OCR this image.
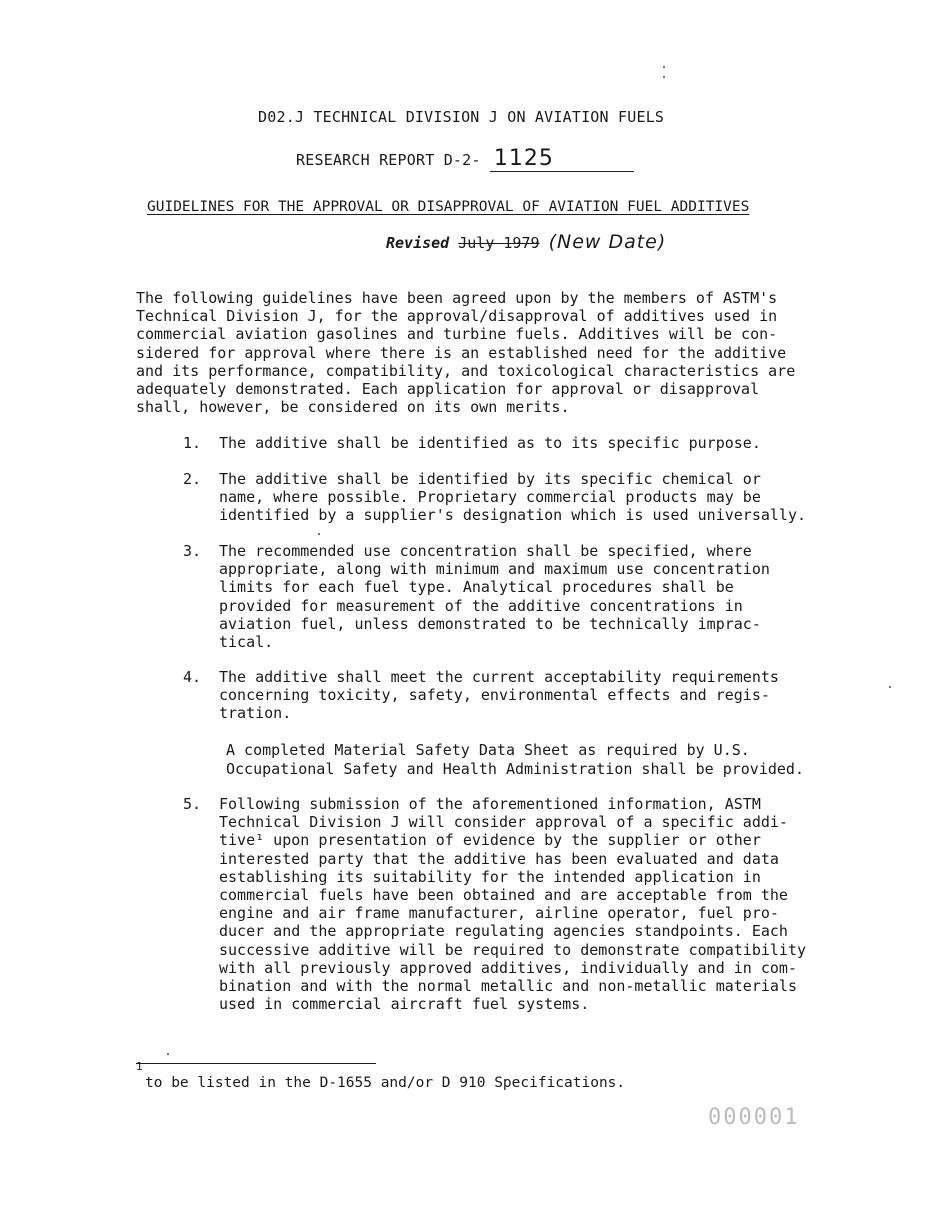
D02.J TECHNICAL DIVISION J ON AVIATION FUELS
RESEARCH REPORT D-2- 1125
GUIDELINES FOR THE APPROVAL OR DISAPPROVAL OF AVIATION FUEL ADDITIVES
Revised July 1979 (New Date)
The following guidelines have been agreed upon by the members of ASTM's
Technical Division J, for the approval/disapproval of additives used in
commercial aviation gasolines and turbine fuels. Additives will be con-
sidered for approval where there is an established need for the additive
and its performance, compatibility, and toxicological characteristics are
adequately demonstrated. Each application for approval or disapproval
shall, however, be considered on its own merits.
1. The additive shall be identified as to its specific purpose.
2. The additive shall be identified by its specific chemical or
name, where possible. Proprietary commercial products may be
identified by a supplier's designation which is used universally.
3. The recommended use concentration shall be specified, where
appropriate, along with minimum and maximum use concentration
limits for each fuel type. Analytical procedures shall be
provided for measurement of the additive concentrations in
aviation fuel, unless demonstrated to be technically imprac-
tical.
4. The additive shall meet the current acceptability requirements
concerning toxicity, safety, environmental effects and regis-
tration.
A completed Material Safety Data Sheet as required by U.S.
Occupational Safety and Health Administration shall be provided.
5. Following submission of the aforementioned information, ASTM
Technical Division J will consider approval of a specific addi-
tive¹ upon presentation of evidence by the supplier or other
interested party that the additive has been evaluated and data
establishing its suitability for the intended application in
commercial fuels have been obtained and are acceptable from the
engine and air frame manufacturer, airline operator, fuel pro-
ducer and the appropriate regulating agencies standpoints. Each
successive additive will be required to demonstrate compatibility
with all previously approved additives, individually and in com-
bination and with the normal metallic and non-metallic materials
used in commercial aircraft fuel systems.
1
to be listed in the D-1655 and/or D 910 Specifications.
000001
